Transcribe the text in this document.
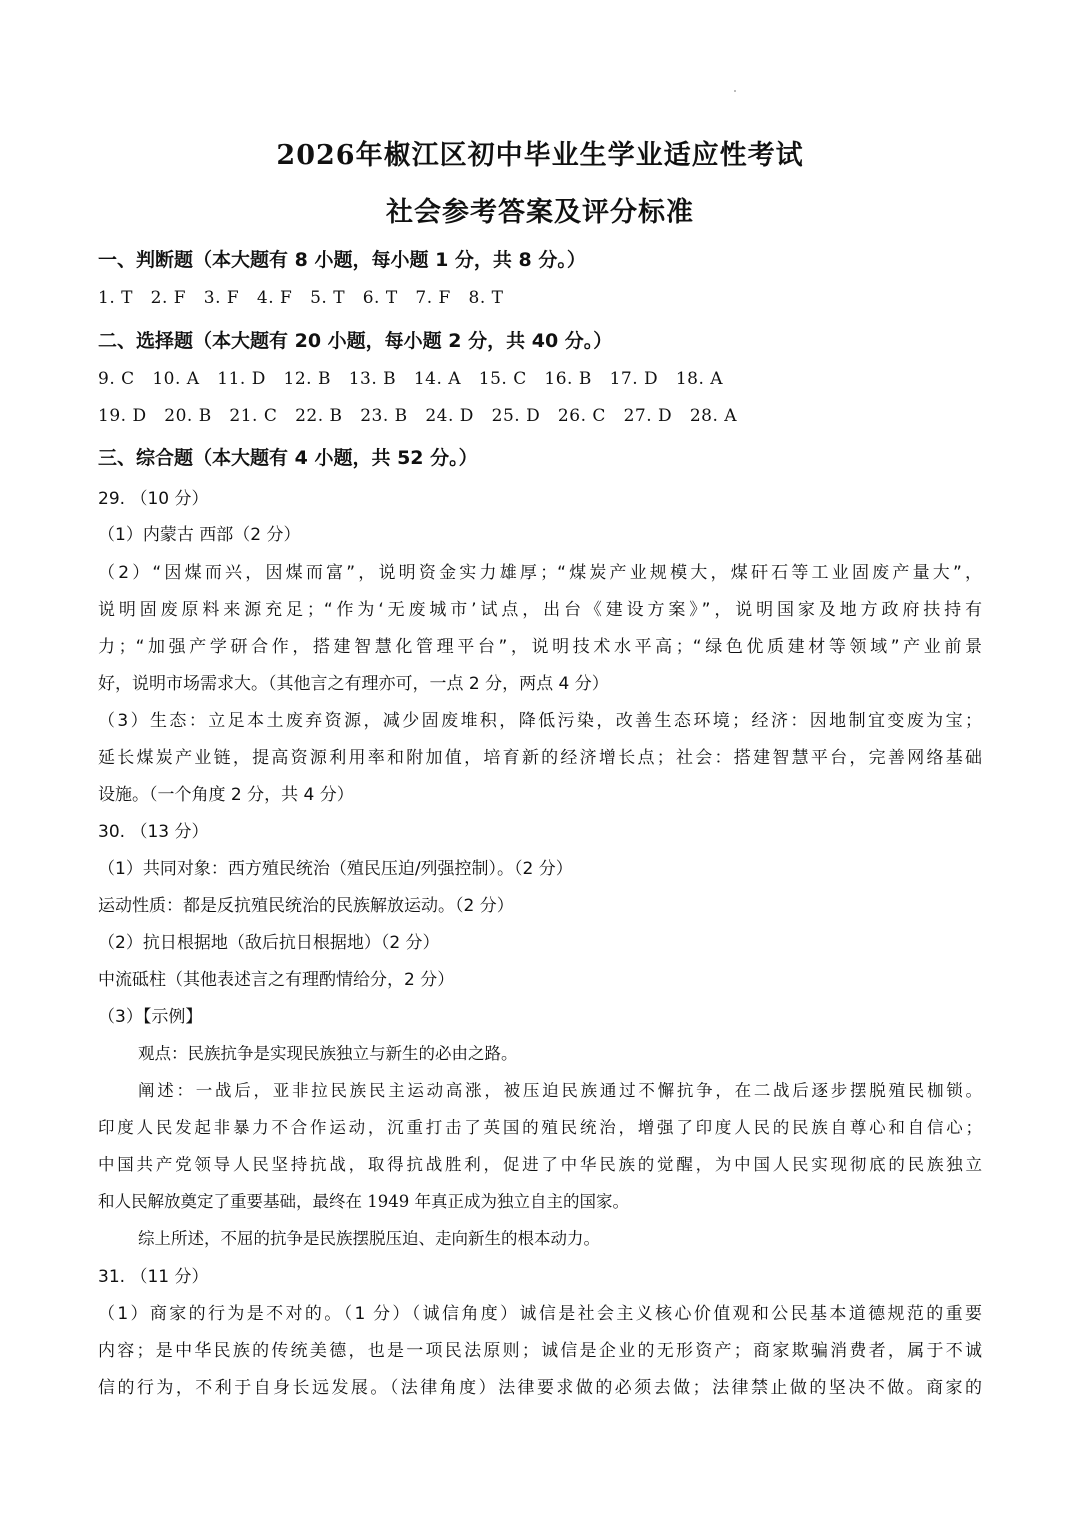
2026年椒江区初中毕业生学业适应性考试
社会参考答案及评分标准
一、判断题（本大题有 8 小题，每小题 1 分，共 8 分。）
1. T   2. F   3. F   4. F   5. T   6. T   7. F   8. T
二、选择题（本大题有 20 小题，每小题 2 分，共 40 分。）
9. C   10. A   11. D   12. B   13. B   14. A   15. C   16. B   17. D   18. A
19. D   20. B   21. C   22. B   23. B   24. D   25. D   26. C   27. D   28. A
三、综合题（本大题有 4 小题，共 52 分。）
29. （10 分）
（1）内蒙古 西部（2 分）
（2）“因煤而兴，因煤而富”，说明资金实力雄厚；“煤炭产业规模大，煤矸石等工业固废产量大”，
说明固废原料来源充足；“作为‘无废城市’试点，出台《建设方案》”，说明国家及地方政府扶持有
力；“加强产学研合作，搭建智慧化管理平台”，说明技术水平高；“绿色优质建材等领域”产业前景
好，说明市场需求大。（其他言之有理亦可，一点 2 分，两点 4 分）
（3）生态：立足本土废弃资源，减少固废堆积，降低污染，改善生态环境；经济：因地制宜变废为宝；
延长煤炭产业链，提高资源利用率和附加值，培育新的经济增长点；社会：搭建智慧平台，完善网络基础
设施。（一个角度 2 分，共 4 分）
30. （13 分）
（1）共同对象：西方殖民统治（殖民压迫/列强控制）。（2 分）
运动性质：都是反抗殖民统治的民族解放运动。（2 分）
（2）抗日根据地（敌后抗日根据地）（2 分）
中流砥柱（其他表述言之有理酌情给分，2 分）
（3）【示例】
观点：民族抗争是实现民族独立与新生的必由之路。
阐述：一战后，亚非拉民族民主运动高涨，被压迫民族通过不懈抗争，在二战后逐步摆脱殖民枷锁。
印度人民发起非暴力不合作运动，沉重打击了英国的殖民统治，增强了印度人民的民族自尊心和自信心；
中国共产党领导人民坚持抗战，取得抗战胜利，促进了中华民族的觉醒，为中国人民实现彻底的民族独立
和人民解放奠定了重要基础，最终在 1949 年真正成为独立自主的国家。
综上所述，不屈的抗争是民族摆脱压迫、走向新生的根本动力。
31. （11 分）
（1）商家的行为是不对的。（1 分）（诚信角度）诚信是社会主义核心价值观和公民基本道德规范的重要
内容；是中华民族的传统美德，也是一项民法原则；诚信是企业的无形资产；商家欺骗消费者，属于不诚
信的行为，不利于自身长远发展。（法律角度）法律要求做的必须去做；法律禁止做的坚决不做。商家的
